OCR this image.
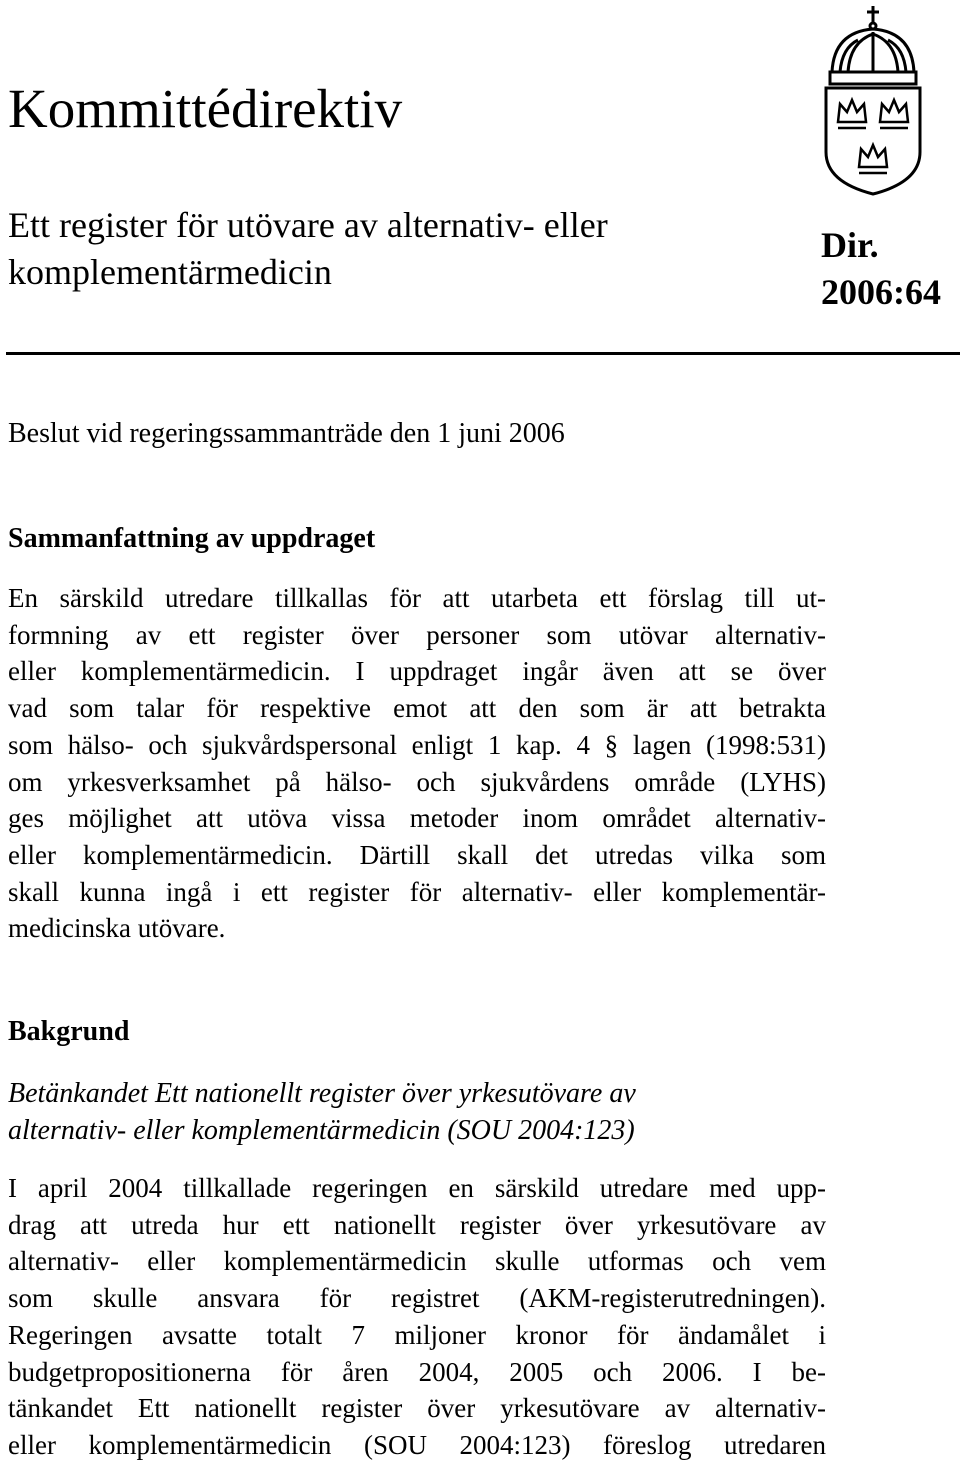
Kommittédirektiv
Ett register för utövare av alternativ- eller
komplementärmedicin
Dir.
2006:64

Beslut vid regeringssammanträde den 1 juni 2006

Sammanfattning av uppdraget

En särskild utredare tillkallas för att utarbeta ett förslag till ut-
formning av ett register över personer som utövar alternativ-
eller komplementärmedicin. I uppdraget ingår även att se över
vad som talar för respektive emot att den som är att betrakta
som hälso- och sjukvårdspersonal enligt 1 kap. 4 § lagen (1998:531)
om yrkesverksamhet på hälso- och sjukvårdens område (LYHS)
ges möjlighet att utöva vissa metoder inom området alternativ-
eller komplementärmedicin. Därtill skall det utredas vilka som
skall kunna ingå i ett register för alternativ- eller komplementär-
medicinska utövare.

Bakgrund
Betänkandet Ett nationellt register över yrkesutövare av
alternativ- eller komplementärmedicin (SOU 2004:123)

I april 2004 tillkallade regeringen en särskild utredare med upp-
drag att utreda hur ett nationellt register över yrkesutövare av
alternativ- eller komplementärmedicin skulle utformas och vem
som skulle ansvara för registret (AKM-registerutredningen).
Regeringen avsatte totalt 7 miljoner kronor för ändamålet i
budgetpropositionerna för åren 2004, 2005 och 2006. I be-
tänkandet Ett nationellt register över yrkesutövare av alternativ-
eller komplementärmedicin (SOU 2004:123) föreslog utredaren
